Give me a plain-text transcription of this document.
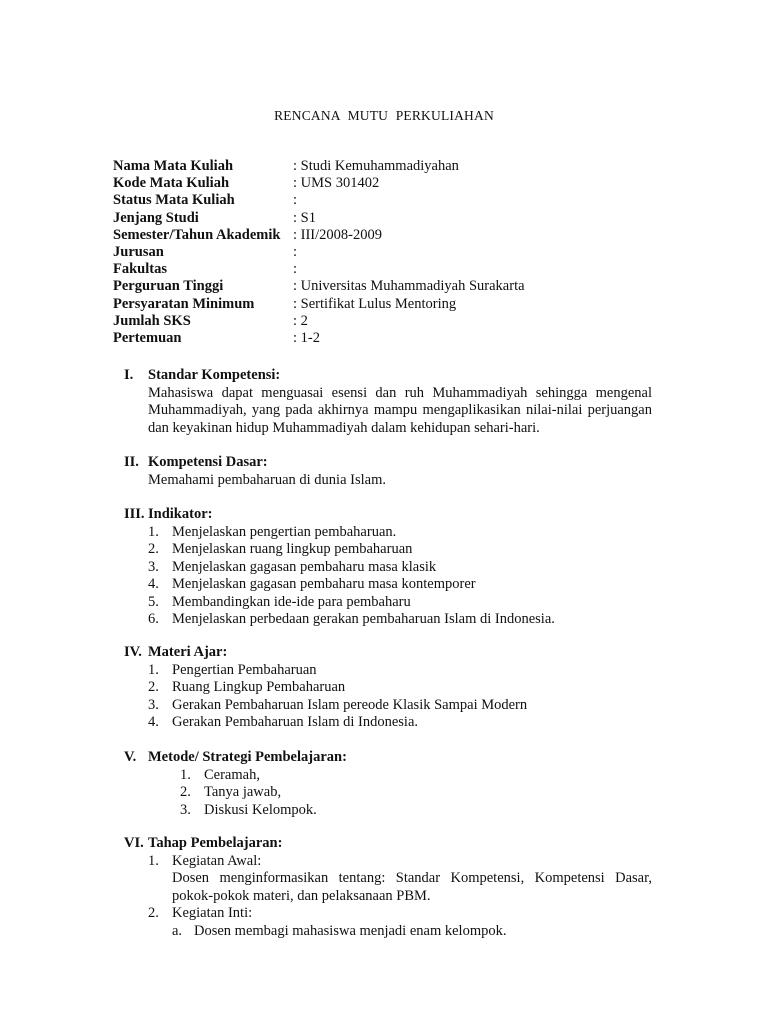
RENCANA MUTU PERKULIAHAN
Nama Mata Kuliah	: Studi Kemuhammadiyahan
Kode Mata Kuliah	: UMS 301402
Status Mata Kuliah	:
Jenjang Studi	: S1
Semester/Tahun Akademik : III/2008-2009
Jurusan	:
Fakultas	:
Perguruan Tinggi	: Universitas Muhammadiyah Surakarta
Persyaratan Minimum	: Sertifikat Lulus Mentoring
Jumlah SKS	: 2
Pertemuan	: 1-2
I.	Standar Kompetensi:
Mahasiswa dapat menguasai esensi dan ruh Muhammadiyah sehingga mengenal Muhammadiyah, yang pada akhirnya mampu mengaplikasikan nilai-nilai perjuangan dan keyakinan hidup Muhammadiyah dalam kehidupan sehari-hari.
II. Kompetensi Dasar:
Memahami pembaharuan di dunia Islam.
III. Indikator:
1. Menjelaskan pengertian pembaharuan.
2. Menjelaskan ruang lingkup pembaharuan
3. Menjelaskan gagasan pembaharu masa klasik
4. Menjelaskan gagasan pembaharu masa kontemporer
5. Membandingkan ide-ide para pembaharu
6. Menjelaskan perbedaan gerakan pembaharuan Islam di Indonesia.
IV. Materi Ajar:
1. Pengertian Pembaharuan
2. Ruang Lingkup Pembaharuan
3. Gerakan Pembaharuan Islam pereode Klasik Sampai Modern
4. Gerakan Pembaharuan Islam di Indonesia.
V. Metode/ Strategi Pembelajaran:
1. Ceramah,
2. Tanya jawab,
3. Diskusi Kelompok.
VI. Tahap Pembelajaran:
1. Kegiatan Awal:
Dosen menginformasikan tentang: Standar Kompetensi, Kompetensi Dasar, pokok-pokok materi, dan pelaksanaan PBM.
2. Kegiatan Inti:
a. Dosen membagi mahasiswa menjadi enam kelompok.
